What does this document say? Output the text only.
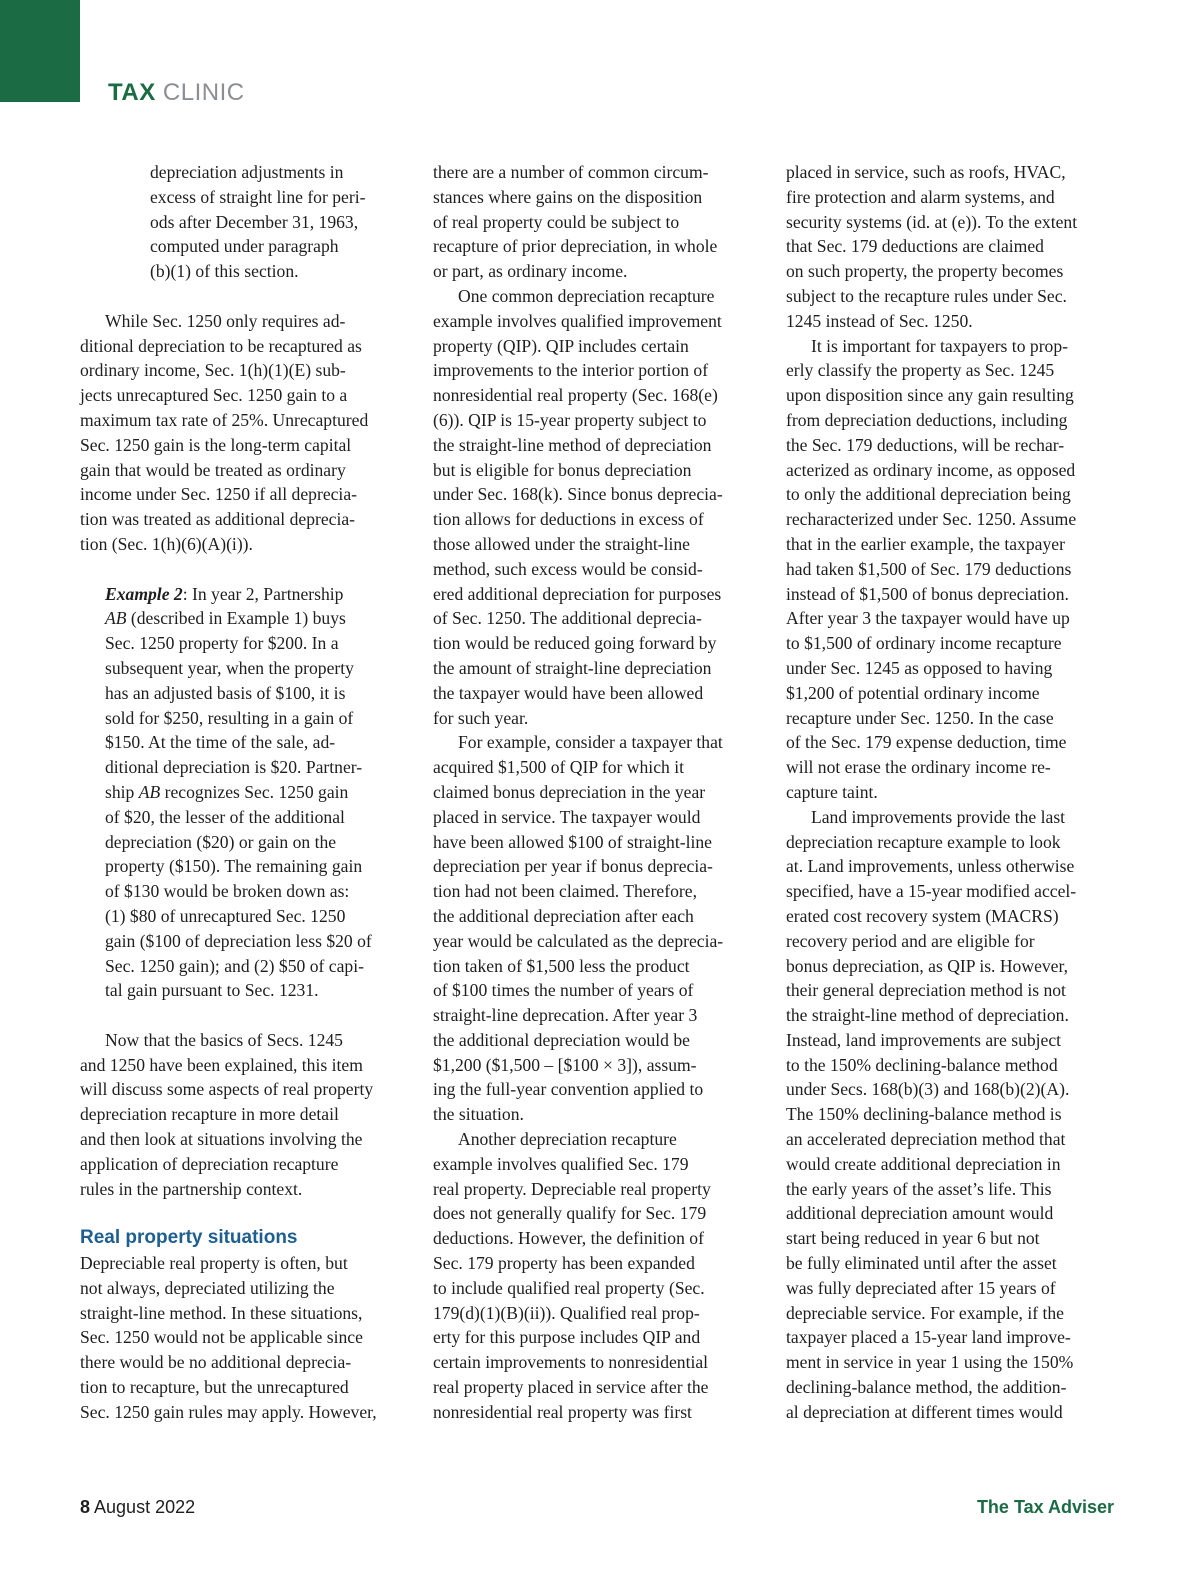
TAX CLINIC
depreciation adjustments in
excess of straight line for peri-
ods after December 31, 1963,
computed under paragraph
(b)(1) of this section.
While Sec. 1250 only requires ad-
ditional depreciation to be recaptured as
ordinary income, Sec. 1(h)(1)(E) sub-
jects unrecaptured Sec. 1250 gain to a
maximum tax rate of 25%. Unrecaptured
Sec. 1250 gain is the long-term capital
gain that would be treated as ordinary
income under Sec. 1250 if all deprecia-
tion was treated as additional deprecia-
tion (Sec. 1(h)(6)(A)(i)).
Example 2: In year 2, Partnership
AB (described in Example 1) buys
Sec. 1250 property for $200. In a
subsequent year, when the property
has an adjusted basis of $100, it is
sold for $250, resulting in a gain of
$150. At the time of the sale, ad-
ditional depreciation is $20. Partner-
ship AB recognizes Sec. 1250 gain
of $20, the lesser of the additional
depreciation ($20) or gain on the
property ($150). The remaining gain
of $130 would be broken down as:
(1) $80 of unrecaptured Sec. 1250
gain ($100 of depreciation less $20 of
Sec. 1250 gain); and (2) $50 of capi-
tal gain pursuant to Sec. 1231.
Now that the basics of Secs. 1245
and 1250 have been explained, this item
will discuss some aspects of real property
depreciation recapture in more detail
and then look at situations involving the
application of depreciation recapture
rules in the partnership context.
Real property situations
Depreciable real property is often, but
not always, depreciated utilizing the
straight-line method. In these situations,
Sec. 1250 would not be applicable since
there would be no additional deprecia-
tion to recapture, but the unrecaptured
Sec. 1250 gain rules may apply. However,
there are a number of common circum-
stances where gains on the disposition
of real property could be subject to
recapture of prior depreciation, in whole
or part, as ordinary income.
One common depreciation recapture
example involves qualified improvement
property (QIP). QIP includes certain
improvements to the interior portion of
nonresidential real property (Sec. 168(e)
(6)). QIP is 15-year property subject to
the straight-line method of depreciation
but is eligible for bonus depreciation
under Sec. 168(k). Since bonus deprecia-
tion allows for deductions in excess of
those allowed under the straight-line
method, such excess would be consid-
ered additional depreciation for purposes
of Sec. 1250. The additional deprecia-
tion would be reduced going forward by
the amount of straight-line depreciation
the taxpayer would have been allowed
for such year.
For example, consider a taxpayer that
acquired $1,500 of QIP for which it
claimed bonus depreciation in the year
placed in service. The taxpayer would
have been allowed $100 of straight-line
depreciation per year if bonus deprecia-
tion had not been claimed. Therefore,
the additional depreciation after each
year would be calculated as the deprecia-
tion taken of $1,500 less the product
of $100 times the number of years of
straight-line deprecation. After year 3
the additional depreciation would be
$1,200 ($1,500 – [$100 × 3]), assum-
ing the full-year convention applied to
the situation.
Another depreciation recapture
example involves qualified Sec. 179
real property. Depreciable real property
does not generally qualify for Sec. 179
deductions. However, the definition of
Sec. 179 property has been expanded
to include qualified real property (Sec.
179(d)(1)(B)(ii)). Qualified real prop-
erty for this purpose includes QIP and
certain improvements to nonresidential
real property placed in service after the
nonresidential real property was first
placed in service, such as roofs, HVAC,
fire protection and alarm systems, and
security systems (id. at (e)). To the extent
that Sec. 179 deductions are claimed
on such property, the property becomes
subject to the recapture rules under Sec.
1245 instead of Sec. 1250.
It is important for taxpayers to prop-
erly classify the property as Sec. 1245
upon disposition since any gain resulting
from depreciation deductions, including
the Sec. 179 deductions, will be rechar-
acterized as ordinary income, as opposed
to only the additional depreciation being
recharacterized under Sec. 1250. Assume
that in the earlier example, the taxpayer
had taken $1,500 of Sec. 179 deductions
instead of $1,500 of bonus depreciation.
After year 3 the taxpayer would have up
to $1,500 of ordinary income recapture
under Sec. 1245 as opposed to having
$1,200 of potential ordinary income
recapture under Sec. 1250. In the case
of the Sec. 179 expense deduction, time
will not erase the ordinary income re-
capture taint.
Land improvements provide the last
depreciation recapture example to look
at. Land improvements, unless otherwise
specified, have a 15-year modified accel-
erated cost recovery system (MACRS)
recovery period and are eligible for
bonus depreciation, as QIP is. However,
their general depreciation method is not
the straight-line method of depreciation.
Instead, land improvements are subject
to the 150% declining-balance method
under Secs. 168(b)(3) and 168(b)(2)(A).
The 150% declining-balance method is
an accelerated depreciation method that
would create additional depreciation in
the early years of the asset’s life. This
additional depreciation amount would
start being reduced in year 6 but not
be fully eliminated until after the asset
was fully depreciated after 15 years of
depreciable service. For example, if the
taxpayer placed a 15-year land improve-
ment in service in year 1 using the 150%
declining-balance method, the addition-
al depreciation at different times would
8 August 2022	The Tax Adviser
